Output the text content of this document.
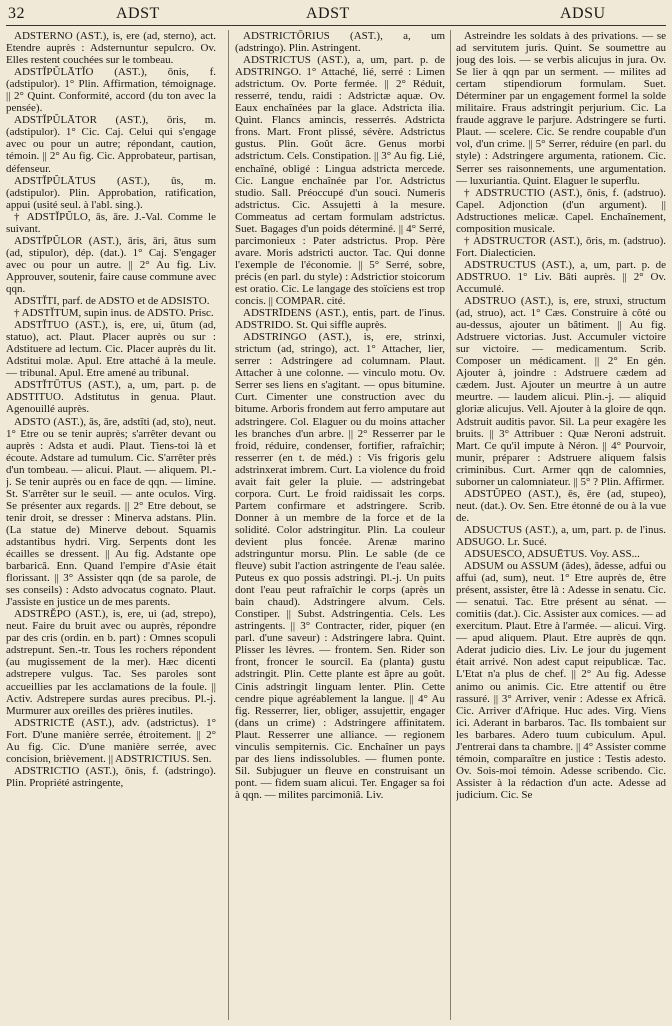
32	ADST	ADST	ADSU

ADSTERNO (AST.), is, ere (ad, sterno), act. Etendre auprès : Adsternuntur sepulcro. Ov. Elles restent couchées sur le tombeau.

ADSTĬPŬLĀTĬO (AST.), ōnis, f. (adstipulor). 1° Plin. Affirmation, témoignage. || 2° Quint. Conformité, accord (du ton avec la pensée).

ADSTĬPŬLĀTOR (AST.), ōris, m. (adstipulor). 1° Cic. Caj. Celui qui s'engage avec ou pour un autre; répondant, caution, témoin. || 2° Au fig. Cic. Approbateur, partisan, défenseur.

ADSTĬPŬLĀTUS (AST.), ūs, m. (adstipulor). Plin. Approbation, ratification, appui (usité seul. à l'abl. sing.).

† ADSTĬPŬLO, ās, āre. J.-Val. Comme le suivant.

ADSTĬPŬLOR (AST.), āris, āri, ātus sum (ad, stipulor), dép. (dat.). 1° Caj. S'engager avec ou pour un autre. || 2° Au fig. Liv. Approuver, soutenir, faire cause commune avec qqn.

ADSTĬTI, parf. de ADSTO et de ADSISTO.

† ADSTĬTUM, supin inus. de ADSTO. Prisc.

ADSTĬTUO (AST.), is, ere, ui, ūtum (ad, statuo), act. Plaut. Placer auprès ou sur : Adstituere ad lectum. Cic. Placer auprès du lit. Adstitui molæ. Apul. Etre attaché à la meule. — tribunal. Apul. Etre amené au tribunal.

ADSTĬTŪTUS (AST.), a, um, part. p. de ADSTITUO. Adstitutus in genua. Plaut. Agenouillé auprès.

ADSTO (AST.), ās, āre, adstĭti (ad, sto), neut. 1° Etre ou se tenir auprès; s'arrêter devant ou auprès : Adsta et audi. Plaut. Tiens-toi là et écoute. Adstare ad tumulum. Cic. S'arrêter près d'un tombeau. — alicui. Plaut. — aliquem. Pl.-j. Se tenir auprès ou en face de qqn. — limine. St. S'arrêter sur le seuil. — ante oculos. Virg. Se présenter aux regards. || 2° Etre debout, se tenir droit, se dresser : Minerva adstans. Plin. (La statue de) Minerve debout. Squamis adstantibus hydri. Virg. Serpents dont les écailles se dressent. || Au fig. Adstante ope barbaricâ. Enn. Quand l'empire d'Asie était florissant. || 3° Assister qqn (de sa parole, de ses conseils) : Adsto advocatus cognato. Plaut. J'assiste en justice un de mes parents.

ADSTRĔPO (AST.), is, ere, ui (ad, strepo), neut. Faire du bruit avec ou auprès, répondre par des cris (ordin. en b. part) : Omnes scopuli adstrepunt. Sen.-tr. Tous les rochers répondent (au mugissement de la mer). Hæc dicenti adstrepere vulgus. Tac. Ses paroles sont accueillies par les acclamations de la foule. || Activ. Adstrepere surdas aures precibus. Pl.-j. Murmurer aux oreilles des prières inutiles.

ADSTRICTĒ (AST.), adv. (adstrictus). 1° Fort. D'une manière serrée, étroitement. || 2° Au fig. Cic. D'une manière serrée, avec concision, brièvement. || ADSTRICTIUS. Sen.

ADSTRICTIO (AST.), ōnis, f. (adstringo). Plin. Propriété astringente,

ADSTRICTŌRIUS (AST.), a, um (adstringo). Plin. Astringent.

ADSTRICTUS (AST.), a, um, part. p. de ADSTRINGO. 1° Attaché, lié, serré : Limen adstrictum. Ov. Porte fermée. || 2° Réduit, resserré, tendu, raidi : Adstrictæ aquæ. Ov. Eaux enchaînées par la glace. Adstricta ilia. Quint. Flancs amincis, resserrés. Adstricta frons. Mart. Front plissé, sévère. Adstrictus gustus. Plin. Goût âcre. Genus morbi adstrictum. Cels. Constipation. || 3° Au fig. Lié, enchaîné, obligé : Lingua adstricta mercede. Cic. Langue enchaînée par l'or. Adstrictus studio. Sall. Préoccupé d'un souci. Numeris adstrictus. Cic. Assujetti à la mesure. Commeatus ad certam formulam adstrictus. Suet. Bagages d'un poids déterminé. || 4° Serré, parcimonieux : Pater adstrictus. Prop. Père avare. Moris adstricti auctor. Tac. Qui donne l'exemple de l'économie. || 5° Serré, sobre, précis (en parl. du style) : Adstrictior stoicorum est oratio. Cic. Le langage des stoïciens est trop concis. || COMPAR. cité.

ADSTRĪDENS (AST.), entis, part. de l'inus. ADSTRIDO. St. Qui siffle auprès.

ADSTRINGO (AST.), is, ere, strinxi, strictum (ad, stringo), act. 1° Attacher, lier, serrer : Adstringere ad columnam. Plaut. Attacher à une colonne. — vinculo motu. Ov. Serrer ses liens en s'agitant. — opus bitumine. Curt. Cimenter une construction avec du bitume. Arboris frondem aut ferro amputare aut adstringere. Col. Elaguer ou du moins attacher les branches d'un arbre. || 2° Resserrer par le froid, réduire, condenser, fortifier, rafraîchir; resserrer (en t. de méd.) : Vis frigoris gelu adstrinxerat imbrem. Curt. La violence du froid avait fait geler la pluie. — adstringebat corpora. Curt. Le froid raidissait les corps. Partem confirmare et adstringere. Scrib. Donner à un membre de la force et de la solidité. Color adstringitur. Plin. La couleur devient plus foncée. Arenæ marino adstringuntur morsu. Plin. Le sable (de ce fleuve) subit l'action astringente de l'eau salée. Puteus ex quo possis adstringi. Pl.-j. Un puits dont l'eau peut rafraîchir le corps (après un bain chaud). Adstringere alvum. Cels. Constiper. || Subst. Adstringentia. Cels. Les astringents. || 3° Contracter, rider, piquer (en parl. d'une saveur) : Adstringere labra. Quint. Plisser les lèvres. — frontem. Sen. Rider son front, froncer le sourcil. Ea (planta) gustu adstringit. Plin. Cette plante est âpre au goût. Cinis adstringit linguam lenter. Plin. Cette cendre pique agréablement la langue. || 4° Au fig. Resserrer, lier, obliger, assujettir, engager (dans un crime) : Adstringere affinitatem. Plaut. Resserrer une alliance. — regionem vinculis sempiternis. Cic. Enchaîner un pays par des liens indissolubles. — flumen ponte. Sil. Subjuguer un fleuve en construisant un pont. — fidem suam alicui. Ter. Engager sa foi à qqn. — milites parcimoniâ. Liv.

Astreindre les soldats à des privations. — se ad servitutem juris. Quint. Se soumettre au joug des lois. — se verbis alicujus in jura. Ov. Se lier à qqn par un serment. — milites ad certam stipendiorum formulam. Suet. Déterminer par un engagement formel la solde militaire. Fraus adstringit perjurium. Cic. La fraude aggrave le parjure. Adstringere se furti. Plaut. — scelere. Cic. Se rendre coupable d'un vol, d'un crime. || 5° Serrer, réduire (en parl. du style) : Adstringere argumenta, rationem. Cic. Serrer ses raisonnements, une argumentation. — luxuriantia. Quint. Elaguer le superflu.

† ADSTRUCTIO (AST.), ōnis, f. (adstruo). Capel. Adjonction (d'un argument). || Adstructiones melicæ. Capel. Enchaînement, composition musicale.

† ADSTRUCTOR (AST.), ōris, m. (adstruo). Fort. Dialecticien.

ADSTRUCTUS (AST.), a, um, part. p. de ADSTRUO. 1° Liv. Bâti auprès. || 2° Ov. Accumulé.

ADSTRUO (AST.), is, ere, struxi, structum (ad, struo), act. 1° Cæs. Construire à côté ou au-dessus, ajouter un bâtiment. || Au fig. Adstruere victorias. Just. Accumuler victoire sur victoire. — medicamentum. Scrib. Composer un médicament. || 2° En gén. Ajouter à, joindre : Adstruere cædem ad cædem. Just. Ajouter un meurtre à un autre meurtre. — laudem alicui. Plin.-j. — aliquid gloriæ alicujus. Vell. Ajouter à la gloire de qqn. Adstruit auditis pavor. Sil. La peur exagère les bruits. || 3° Attribuer : Quæ Neroni adstruit. Mart. Ce qu'il impute à Néron. || 4° Pourvoir, munir, préparer : Adstruere aliquem falsis criminibus. Curt. Armer qqn de calomnies, suborner un calomniateur. || 5° ? Plin. Affirmer.

ADSTŬPEO (AST.), ēs, ēre (ad, stupeo), neut. (dat.). Ov. Sen. Etre étonné de ou à la vue de.

ADSUCTUS (AST.), a, um, part. p. de l'inus. ADSUGO. Lr. Sucé.

ADSUESCO, ADSUĒTUS. Voy. ASS...

ADSUM ou ASSUM (ădes), ădesse, adfui ou affui (ad, sum), neut. 1° Etre auprès de, être présent, assister, être là : Adesse in senatu. Cic. — senatui. Tac. Etre présent au sénat. — comitiis (dat.). Cic. Assister aux comices. — ad exercitum. Plaut. Etre à l'armée. — alicui. Virg. — apud aliquem. Plaut. Etre auprès de qqn. Aderat judicio dies. Liv. Le jour du jugement était arrivé. Non adest caput reipublicæ. Tac. L'Etat n'a plus de chef. || 2° Au fig. Adesse animo ou animis. Cic. Etre attentif ou être rassuré. || 3° Arriver, venir : Adesse ex Africâ. Cic. Arriver d'Afrique. Huc ades. Virg. Viens ici. Aderant in barbaros. Tac. Ils tombaient sur les barbares. Adero tuum cubiculum. Apul. J'entrerai dans ta chambre. || 4° Assister comme témoin, comparaître en justice : Testis adesto. Ov. Sois-moi témoin. Adesse scribendo. Cic. Assister à la rédaction d'un acte. Adesse ad judicium. Cic. Se
